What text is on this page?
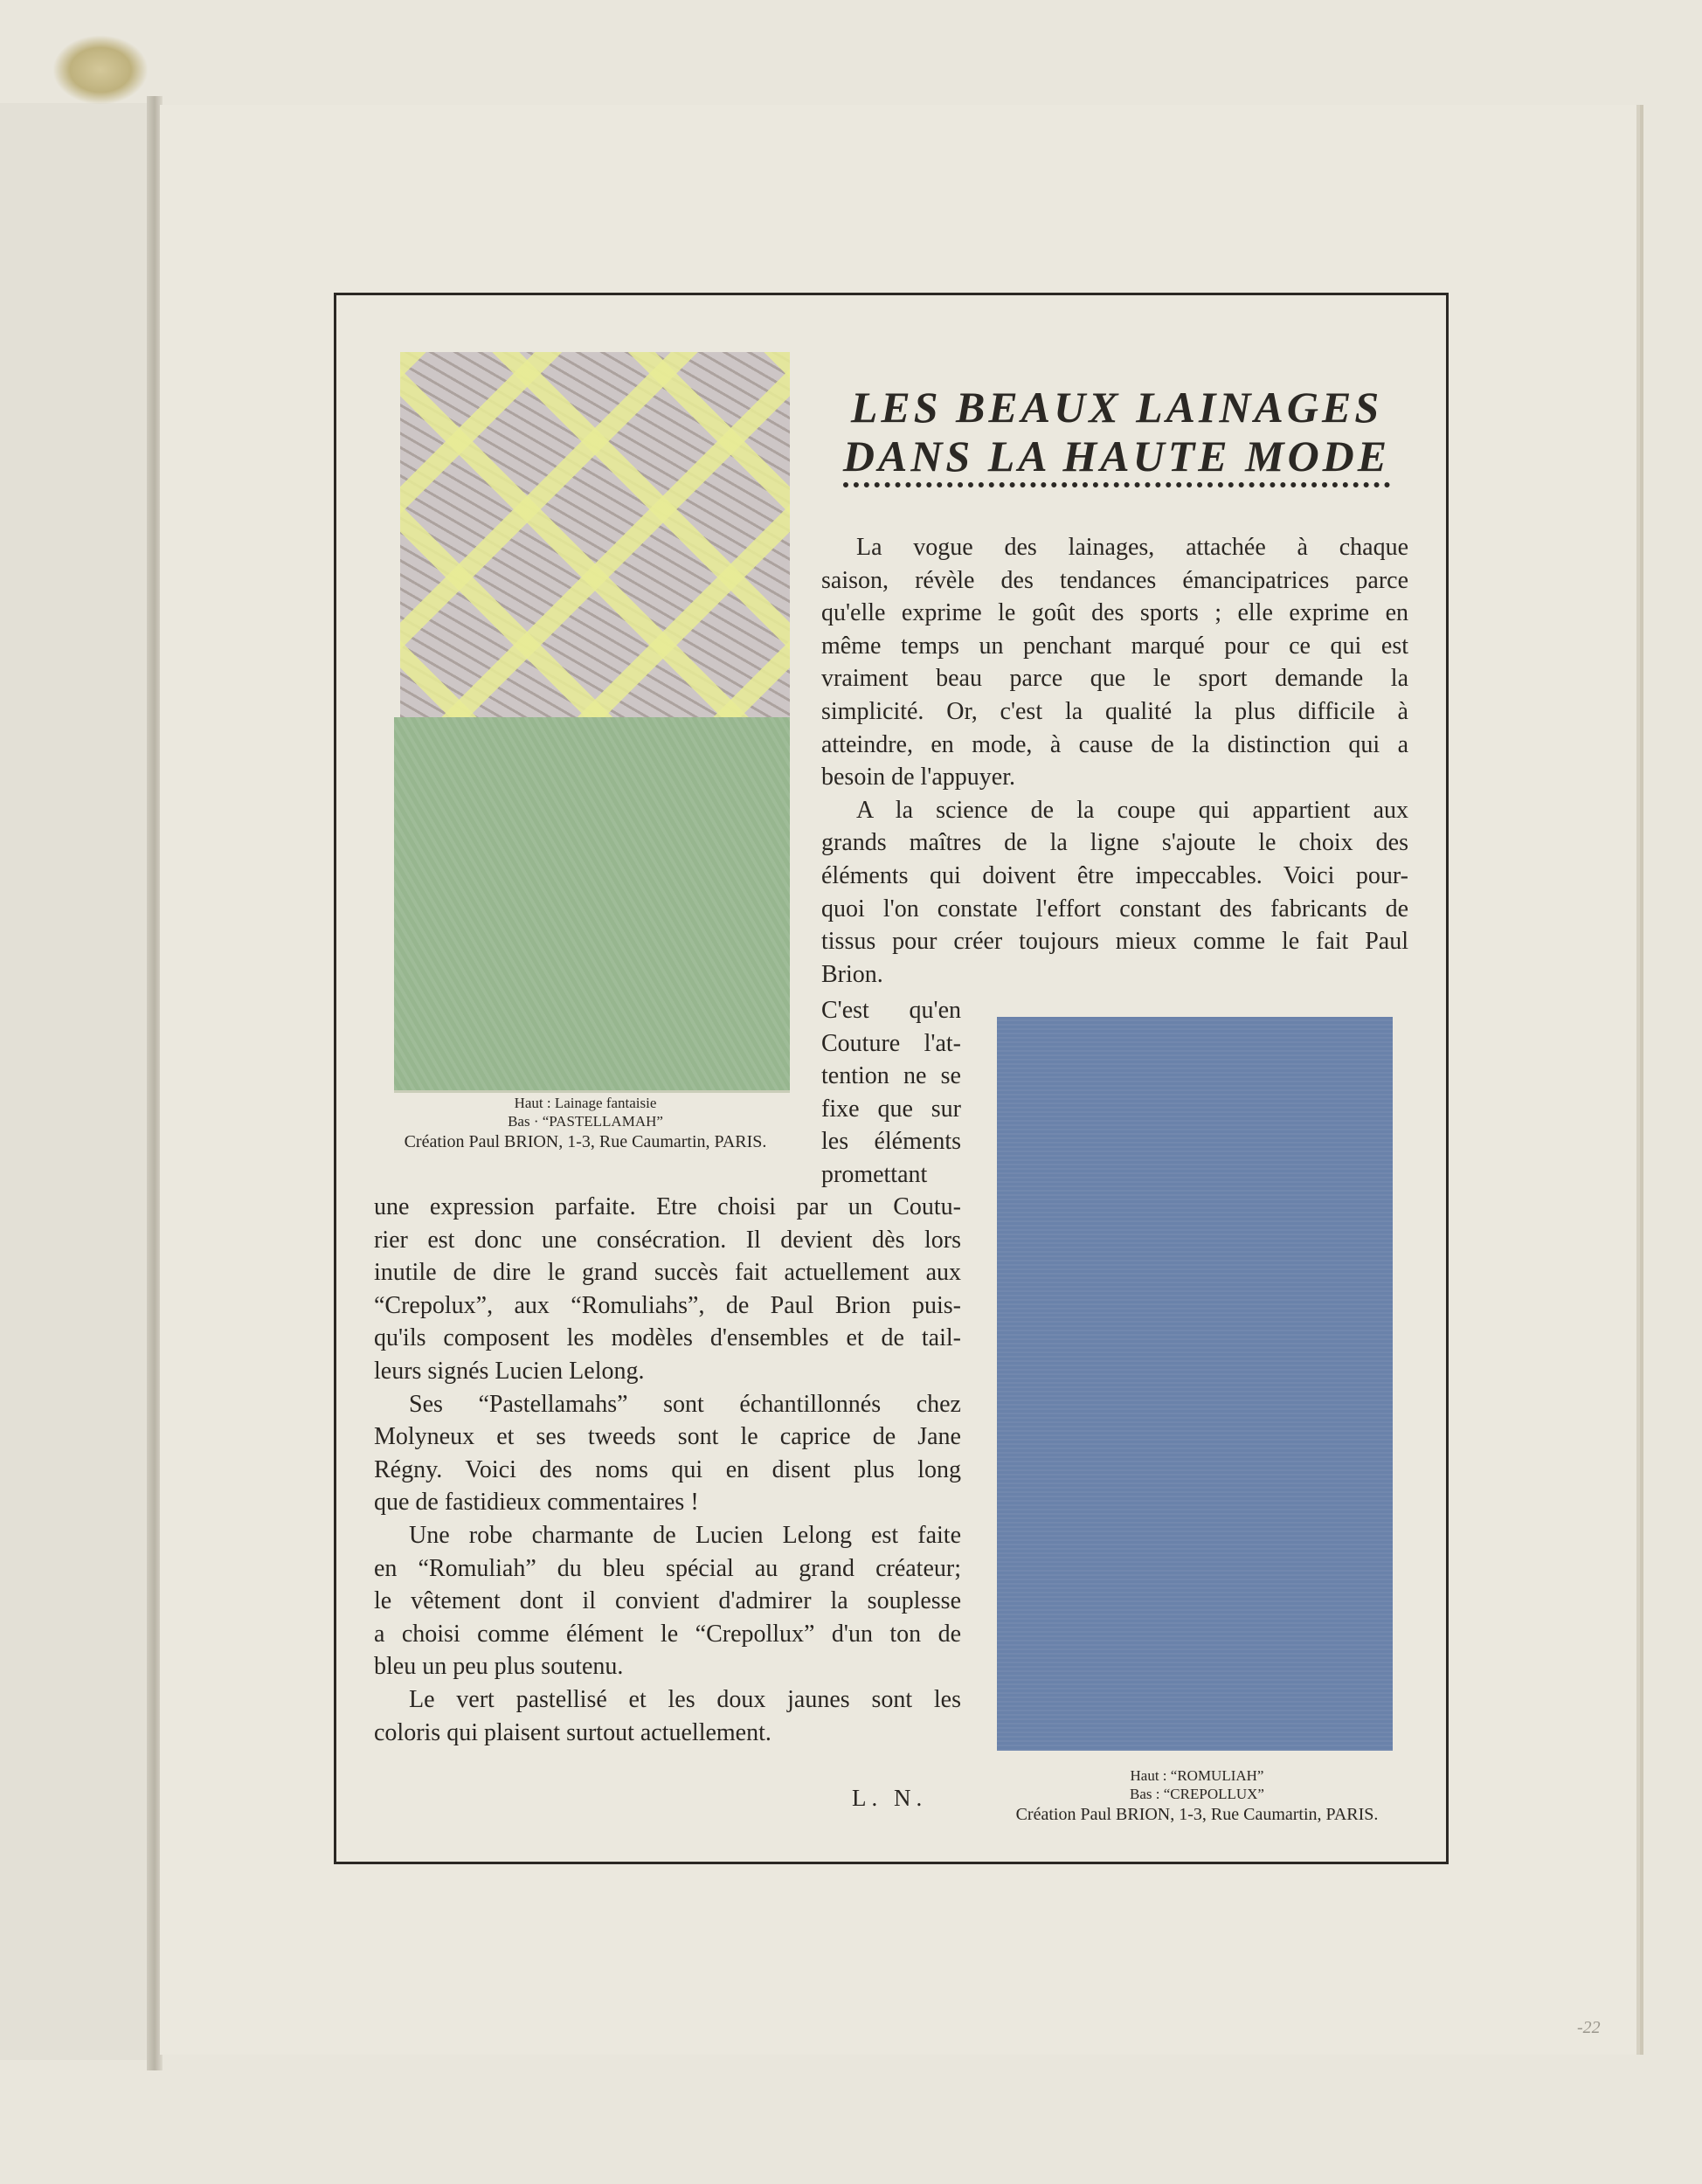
LES BEAUX LAINAGES
DANS LA HAUTE MODE
La vogue des lainages, attachée à chaque
saison, révèle des tendances émancipatrices parce
qu'elle exprime le goût des sports ; elle exprime en
même temps un penchant marqué pour ce qui est
vraiment beau parce que le sport demande la
simplicité. Or, c'est la qualité la plus difficile à
atteindre, en mode, à cause de la distinction qui a
besoin de l'appuyer.
A la science de la coupe qui appartient aux
grands maîtres de la ligne s'ajoute le choix des
éléments qui doivent être impeccables. Voici pour-
quoi l'on constate l'effort constant des fabricants de
tissus pour créer toujours mieux comme le fait Paul
Brion.
C'est qu'en
Couture l'at-
tention ne se
fixe que sur
les éléments
promettant
une expression parfaite. Etre choisi par un Coutu-
rier est donc une consécration. Il devient dès lors
inutile de dire le grand succès fait actuellement aux
“Crepolux”, aux “Romuliahs”, de Paul Brion puis-
qu'ils composent les modèles d'ensembles et de tail-
leurs signés Lucien Lelong.
Ses “Pastellamahs” sont échantillonnés chez
Molyneux et ses tweeds sont le caprice de Jane
Régny. Voici des noms qui en disent plus long
que de fastidieux commentaires !
Une robe charmante de Lucien Lelong est faite
en “Romuliah” du bleu spécial au grand créateur;
le vêtement dont il convient d'admirer la souplesse
a choisi comme élément le “Crepollux” d'un ton de
bleu un peu plus soutenu.
Le vert pastellisé et les doux jaunes sont les
coloris qui plaisent surtout actuellement.
Haut : Lainage fantaisie
Bas · “PASTELLAMAH”
Création Paul BRION, 1-3, Rue Caumartin, PARIS.
Haut : “ROMULIAH”
Bas : “CREPOLLUX”
Création Paul BRION, 1-3, Rue Caumartin, PARIS.
L. N.
-22
